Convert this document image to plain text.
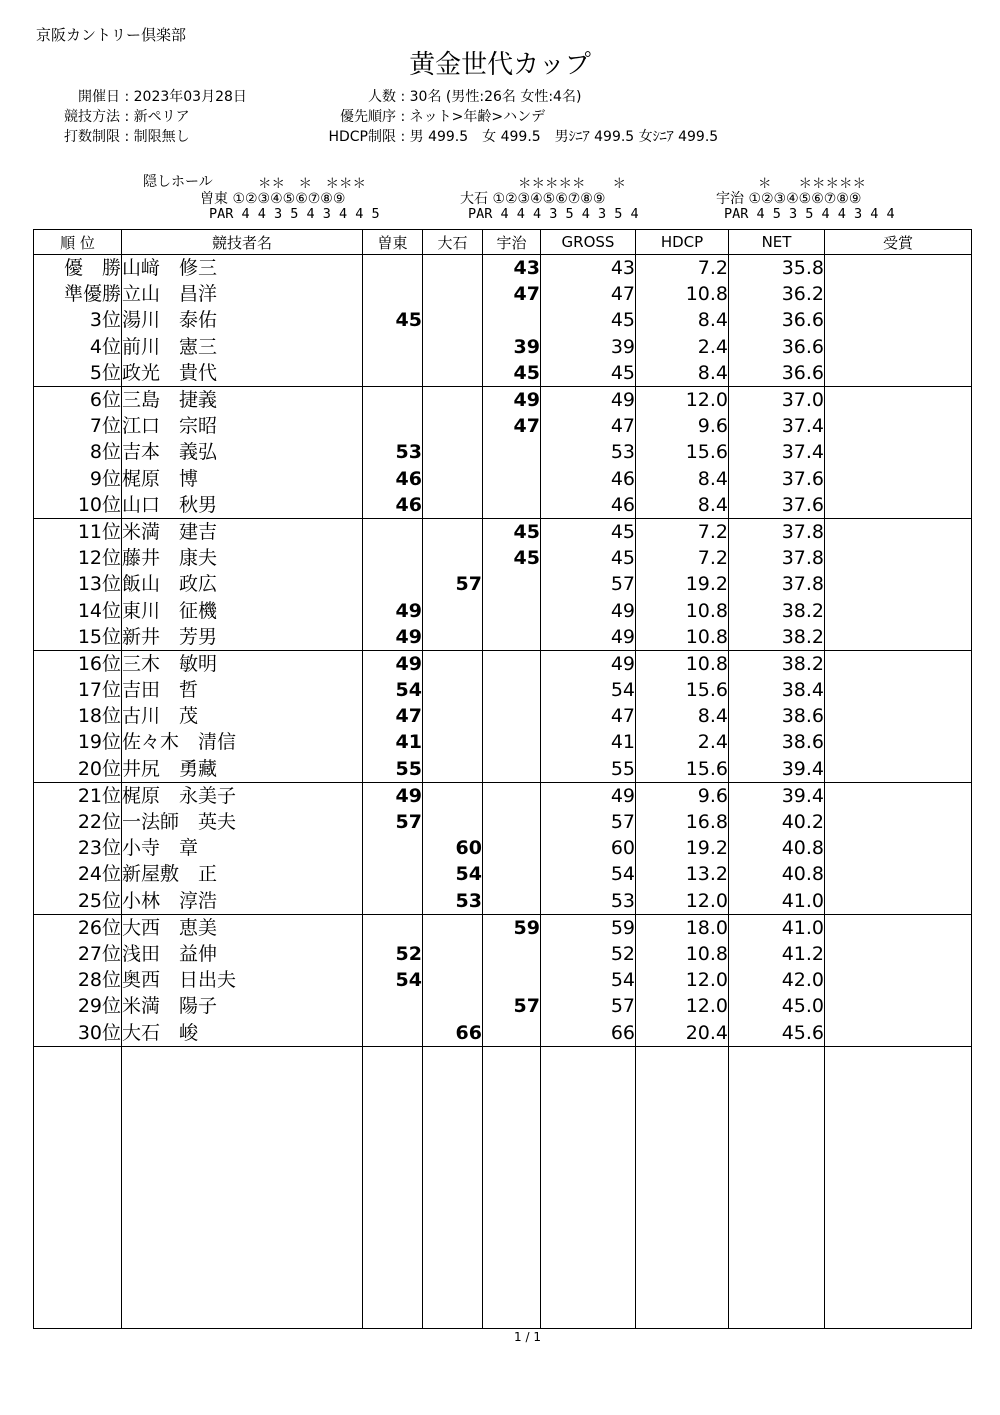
京阪カントリー倶楽部
黄金世代カップ
開催日 : 2023年03月28日
競技方法 : 新ペリア
打数制限 : 制限無し
人数 : 30名 (男性:26名 女性:4名)
優先順序 : ネット>年齢>ハンデ
HDCP制限 : 男 499.5　女 499.5　男ｼﾆｱ 499.5 女ｼﾆｱ 499.5
隠しホール	＊＊　＊　＊＊＊
曽東 ①②③④⑤⑥⑦⑧⑨
PAR 4 4 3 5 4 3 4 4 5
＊＊＊＊＊　　＊
大石 ①②③④⑤⑥⑦⑧⑨
PAR 4 4 4 3 5 4 3 5 4
＊　　＊＊＊＊＊
宇治 ①②③④⑤⑥⑦⑧⑨
PAR 4 5 3 5 4 4 3 4 4
順 位	競技者名	曽東	大石	宇治	GROSS	HDCP	NET	受賞
優　勝	山﨑　修三			43	43	7.2	35.8	
準優勝	立山　昌洋			47	47	10.8	36.2	
3位	湯川　泰佑	45			45	8.4	36.6	
4位	前川　憲三			39	39	2.4	36.6	
5位	政光　貴代			45	45	8.4	36.6	
6位	三島　捷義			49	49	12.0	37.0	
7位	江口　宗昭			47	47	9.6	37.4	
8位	吉本　義弘	53			53	15.6	37.4	
9位	梶原　博	46			46	8.4	37.6	
10位	山口　秋男	46			46	8.4	37.6	
11位	米満　建吉			45	45	7.2	37.8	
12位	藤井　康夫			45	45	7.2	37.8	
13位	飯山　政広		57		57	19.2	37.8	
14位	東川　征機	49			49	10.8	38.2	
15位	新井　芳男	49			49	10.8	38.2	
16位	三木　敏明	49			49	10.8	38.2	
17位	吉田　哲	54			54	15.6	38.4	
18位	古川　茂	47			47	8.4	38.6	
19位	佐々木　清信	41			41	2.4	38.6	
20位	井尻　勇藏	55			55	15.6	39.4	
21位	梶原　永美子	49			49	9.6	39.4	
22位	一法師　英夫	57			57	16.8	40.2	
23位	小寺　章		60		60	19.2	40.8	
24位	新屋敷　正		54		54	13.2	40.8	
25位	小林　淳浩		53		53	12.0	41.0	
26位	大西　恵美			59	59	18.0	41.0	
27位	浅田　益伸	52			52	10.8	41.2	
28位	奥西　日出夫	54			54	12.0	42.0	
29位	米満　陽子			57	57	12.0	45.0	
30位	大石　峻		66		66	20.4	45.6	

1 / 1
